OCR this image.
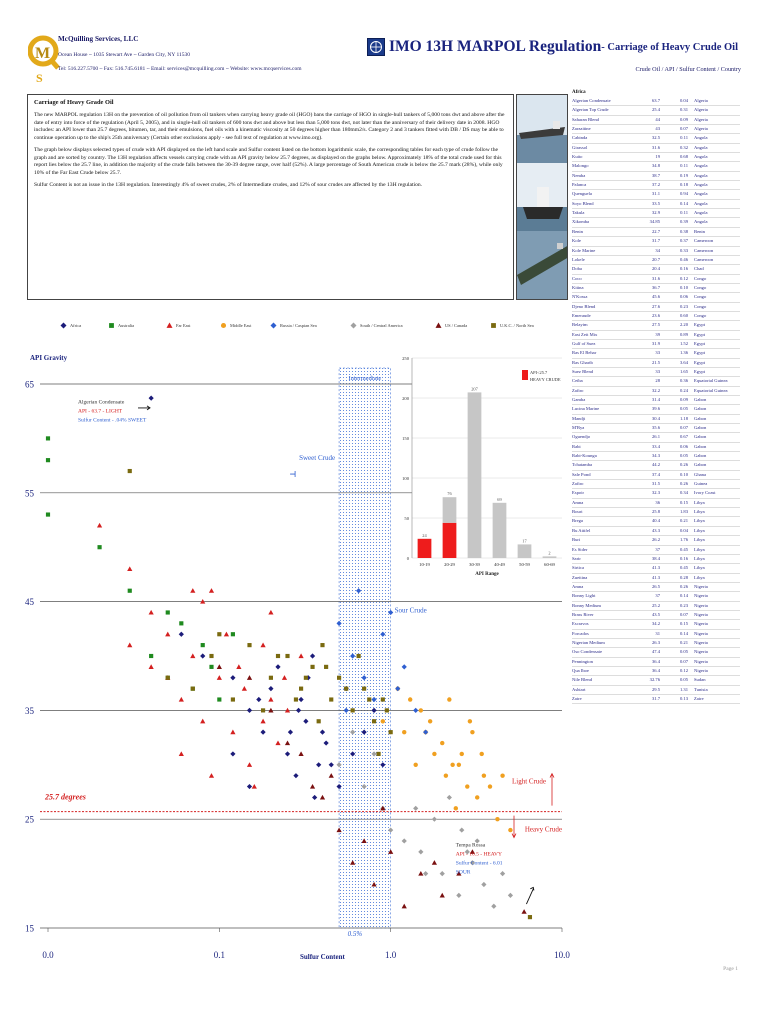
M
S
McQuilling Services, LLC
Ocean House ~ 1035 Stewart Ave ~ Garden City, NY 11530
Tel: 516.227.5700 ~ Fax: 516.745.6181 ~ Email: services@mcquilling.com ~ Website: www.mcqservices.com
IMO 13H MARPOL Regulation - Carriage of Heavy Crude Oil
Crude Oil / API / Sulfur Content / Country
Carriage of Heavy Grade Oil

The new MARPOL regulation 13H on the prevention of oil pollution from oil tankers when carrying heavy grade oil (HGO) bans the carriage of HGO in single-hull tankers of 5,000 tons dwt and above after the date of entry into force of the regulation (April 5, 2005), and in single-hull oil tankers of 600 tons dwt and above but less than 5,000 tons dwt, not later than the anniversary of their delivery date in 2008. HGO includes: an API lower than 25.7 degrees, bitumen, tar, and their emulsions, fuel oils with a kinematic viscosity at 50 degrees higher than 180mm2/s. Category 2 and 3 tankers fitted with DB / DS may be able to continue operation up to the ship's 25th anniversary (Certain other exclusions apply - see full text of regulation at www.imo.org).

The graph below displays selected types of crude with API displayed on the left hand scale and Sulfur content listed on the bottom logarithmic scale, the corresponding tables for each type of crude follow the graph and are sorted by country. The 13H regulation affects vessels carrying crude with an API gravity below 25.7 degrees, as displayed on the graphs below. Approximately 18% of the total crude used for this report lies below the 25.7 line, in addition the majority of the crude falls between the 30-39 degree range, over half (52%). A large percentage of South American crude is below the 25.7 mark (28%), while only 10% of the Far East Crude below 25.7.

Sulfur Content is not an issue in the 13H regulation. Interestingly 4% of sweet crudes, 2% of Intermediate crudes, and 12% of sour crudes are affected by the 13H regulation.

Africa
Algerian Condensate	63.7	0.04	Algeria
Algerian Top Crude	25.4	0.31	Algeria
Saharan Blend	44	0.09	Algeria
Zarzaitine	43	0.07	Algeria
Cabinda	32.5	0.11	Angola
Girassol	31.6	0.32	Angola
Kuito	19	0.68	Angola
Malongo	34.8	0.11	Angola
Nemba	38.7	0.19	Angola
Palanca	37.2	0.18	Angola
Quenguela	31.1	0.94	Angola
Soyo Blend	33.5	0.14	Angola
Takula	32.9	0.11	Angola
Xikomba	34.85	0.39	Angola
Benin	22.7	0.38	Benin
Kole	31.7	0.37	Cameroon
Kole Marine	34	0.33	Cameroon
Lokele	20.7	0.46	Cameroon
Doba	20.4	0.16	Chad
Coco	31.6	0.12	Congo
Kitina	36.7	0.10	Congo
N'Kossa	45.6	0.06	Congo
Djeno Blend	27.6	0.23	Congo
Emeraude	23.6	0.60	Congo
Belayim	27.5	2.20	Egypt
East Zeit Mix	39	0.89	Egypt
Gulf of Suez	31.9	1.52	Egypt
Ras El Behar	33	1.36	Egypt
Ras Gharib	21.5	3.64	Egypt
Suez Blend	33	1.65	Egypt
Ceiba	28	0.36	Equatorial Guinea
Zafiro	32.2	0.24	Equatorial Guinea
Gamba	31.4	0.09	Gabon
Lucina Marine	39.6	0.05	Gabon
Mandji	30.4	1.18	Gabon
M'Bya	35.6	0.07	Gabon
Oguendjo	26.1	0.67	Gabon
Rabi	33.4	0.06	Gabon
Rabi-Kounga	34.3	0.05	Gabon
Tchatamba	44.2	0.26	Gabon
Sale Pond	37.4	0.10	Ghana
Zafiro	31.5	0.26	Guinea
Espoir	32.3	0.34	Ivory Coast
Amna	36	0.15	Libya
Bouri	25.8	1.83	Libya
Brega	40.4	0.21	Libya
Bu Attifel	43.3	0.04	Libya
Buri	26.2	1.76	Libya
Es Sider	37	0.45	Libya
Sarir	38.4	0.16	Libya
Sirtica	41.3	0.45	Libya
Zueitina	41.3	0.28	Libya
Amna	26.5	0.26	Nigeria
Bonny Light	37	0.14	Nigeria
Bonny Medium	25.2	0.23	Nigeria
Brass River	43.5	0.07	Nigeria
Escravos	34.2	0.15	Nigeria
Forcados	31	0.14	Nigeria
Nigerian Medium	26.3	0.21	Nigeria
Oso Condensate	47.4	0.05	Nigeria
Pennington	36.4	0.07	Nigeria
Qua Iboe	36.4	0.12	Nigeria
Nile Blend	32.76	0.05	Sudan
Ashtart	29.5	1.31	Tunisia
Zaire	31.7	0.13	Zaire
Africa	Australia	Far East	Middle East	Russia / Caspian Sea	South / Central America	US / Canada	U.K.C. / North Sea
65
55
45
35
25
15
0.0	0.1	1.0	10.0
API Gravity
Sulfur Content
0
50
100
150
200
250
10-19
24
20-29
76
30-39
207
40-49
69
50-59
17
60-69
2
API Range
API<25.7
HEAVY CRUDE
25.7 degrees
Intermediate
Sweet Crude
Sour Crude
0.5%
Light Crude
Heavy Crude
Algerian Condensate
API - 63.7 - LIGHT
Sulfur Content - .04% SWEET
Tempa Rossa
API - 16.5 - HEAVY
Sulfur Content - 6.01
SOUR
Page 1
